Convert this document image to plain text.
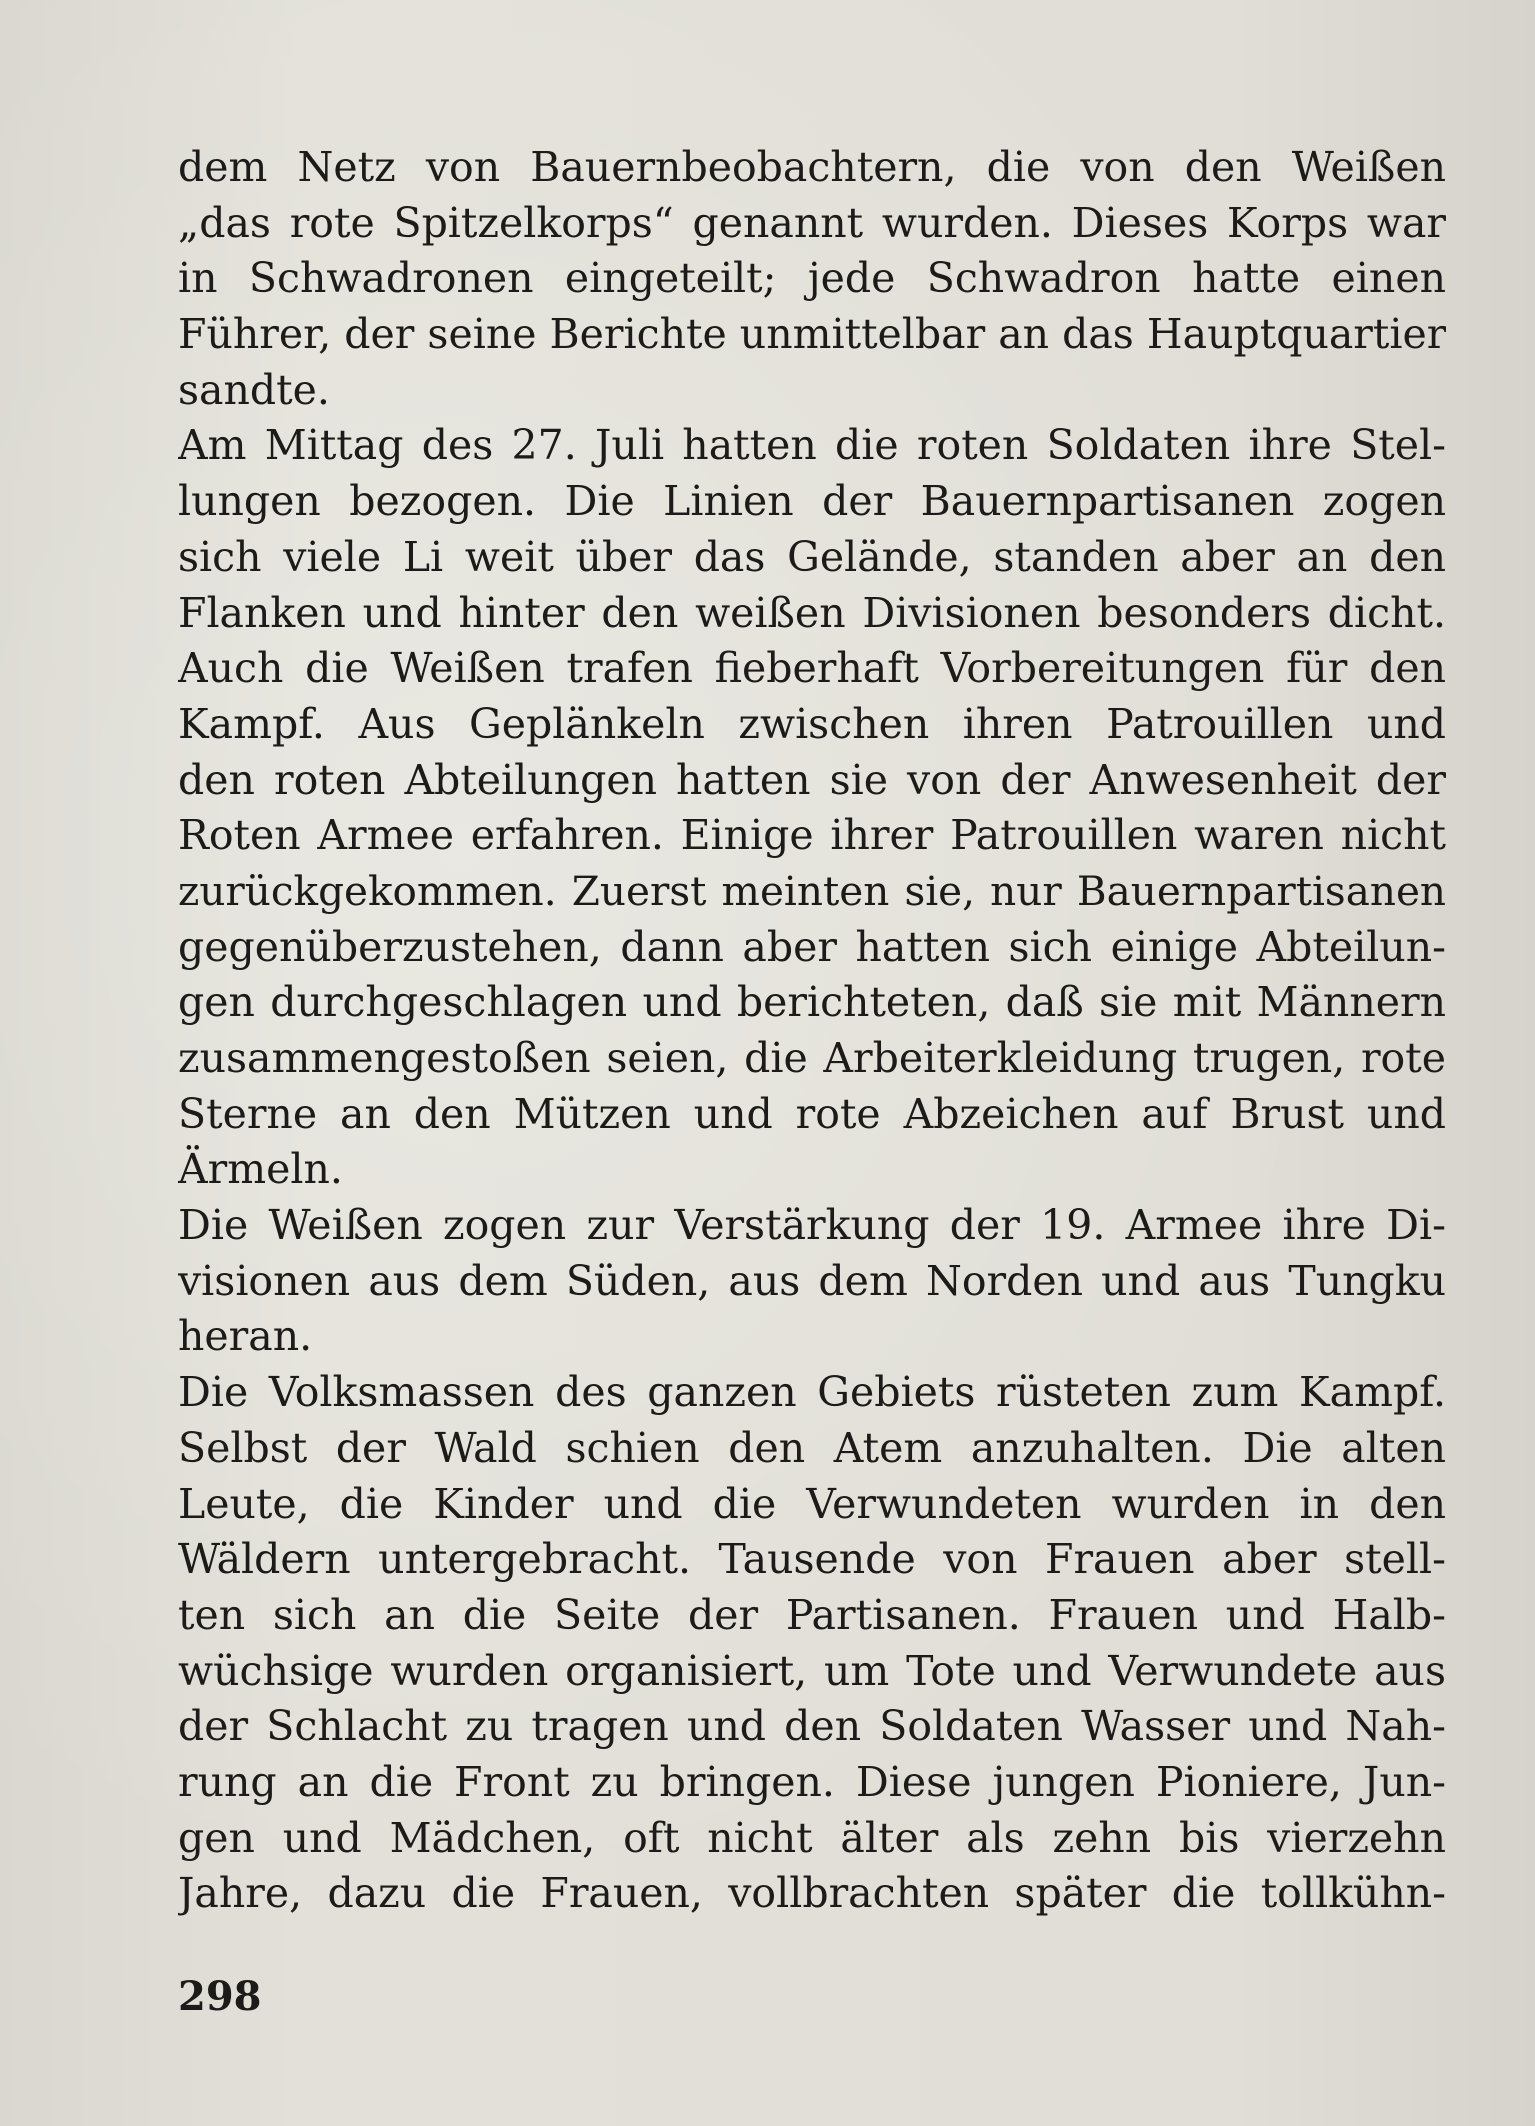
dem Netz von Bauernbeobachtern, die von den Weißen
„das rote Spitzelkorps“ genannt wurden. Dieses Korps war
in Schwadronen eingeteilt; jede Schwadron hatte einen
Führer, der seine Berichte unmittelbar an das Hauptquartier
sandte.
Am Mittag des 27. Juli hatten die roten Soldaten ihre Stel-
lungen bezogen. Die Linien der Bauernpartisanen zogen
sich viele Li weit über das Gelände, standen aber an den
Flanken und hinter den weißen Divisionen besonders dicht.
Auch die Weißen trafen fieberhaft Vorbereitungen für den
Kampf. Aus Geplänkeln zwischen ihren Patrouillen und
den roten Abteilungen hatten sie von der Anwesenheit der
Roten Armee erfahren. Einige ihrer Patrouillen waren nicht
zurückgekommen. Zuerst meinten sie, nur Bauernpartisanen
gegenüberzustehen, dann aber hatten sich einige Abteilun-
gen durchgeschlagen und berichteten, daß sie mit Männern
zusammengestoßen seien, die Arbeiterkleidung trugen, rote
Sterne an den Mützen und rote Abzeichen auf Brust und
Ärmeln.
Die Weißen zogen zur Verstärkung der 19. Armee ihre Di-
visionen aus dem Süden, aus dem Norden und aus Tungku
heran.
Die Volksmassen des ganzen Gebiets rüsteten zum Kampf.
Selbst der Wald schien den Atem anzuhalten. Die alten
Leute, die Kinder und die Verwundeten wurden in den
Wäldern untergebracht. Tausende von Frauen aber stell-
ten sich an die Seite der Partisanen. Frauen und Halb-
wüchsige wurden organisiert, um Tote und Verwundete aus
der Schlacht zu tragen und den Soldaten Wasser und Nah-
rung an die Front zu bringen. Diese jungen Pioniere, Jun-
gen und Mädchen, oft nicht älter als zehn bis vierzehn
Jahre, dazu die Frauen, vollbrachten später die tollkühn-
298
